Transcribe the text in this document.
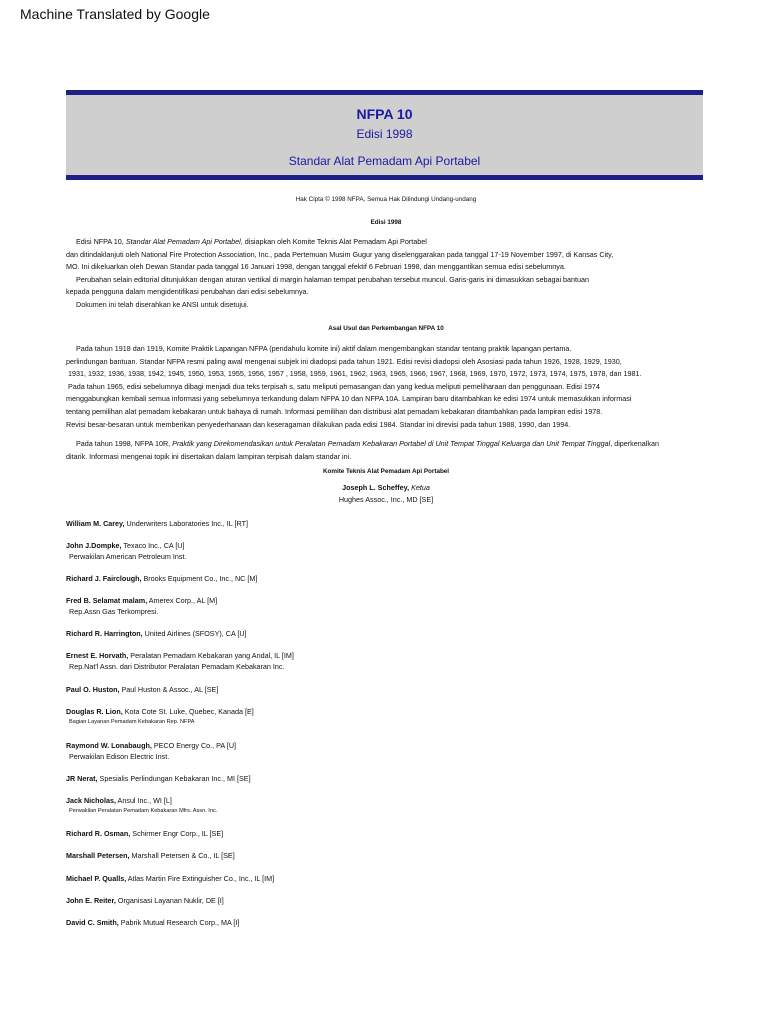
Machine Translated by Google
NFPA 10
Edisi 1998
Standar Alat Pemadam Api Portabel
Hak Cipta © 1998 NFPA, Semua Hak Dilindungi Undang-undang
Edisi 1998

Edisi NFPA 10, Standar Alat Pemadam Api Portabel, disiapkan oleh Komite Teknis Alat Pemadam Api Portabel

dan ditindaklanjuti oleh National Fire Protection Association, Inc., pada Pertemuan Musim Gugur yang diselenggarakan pada tanggal 17-19 November 1997, di Kansas City,

MO. Ini dikeluarkan oleh Dewan Standar pada tanggal 16 Januari 1998, dengan tanggal efektif 6 Februari 1998, dan menggantikan semua edisi sebelumnya.

Perubahan selain editorial ditunjukkan dengan aturan vertikal di margin halaman tempat perubahan tersebut muncul. Garis-garis ini dimasukkan sebagai bantuan

kepada pengguna dalam mengidentifikasi perubahan dari edisi sebelumnya.

Dokumen ini telah diserahkan ke ANSI untuk disetujui.

Asal Usul dan Perkembangan NFPA 10

Pada tahun 1918 dan 1919, Komite Praktik Lapangan NFPA (pendahulu komite ini) aktif dalam mengembangkan standar tentang praktik lapangan pertama.

perlindungan bantuan. Standar NFPA resmi paling awal mengenai subjek ini diadopsi pada tahun 1921. Edisi revisi diadopsi oleh Asosiasi pada tahun 1926, 1928, 1929, 1930,

1931, 1932, 1936, 1938, 1942, 1945, 1950, 1953, 1955, 1956, 1957 , 1958, 1959, 1961, 1962, 1963, 1965, 1966, 1967, 1968, 1969, 1970, 1972, 1973, 1974, 1975, 1978, dan 1981.

Pada tahun 1965, edisi sebelumnya dibagi menjadi dua teks terpisah s, satu meliputi pemasangan dan yang kedua meliputi pemeliharaan dan penggunaan. Edisi 1974

menggabungkan kembali semua informasi yang sebelumnya terkandung dalam NFPA 10 dan NFPA 10A. Lampiran baru ditambahkan ke edisi 1974 untuk memasukkan informasi

tentang pemilihan alat pemadam kebakaran untuk bahaya di rumah. Informasi pemilihan dan distribusi alat pemadam kebakaran ditambahkan pada lampiran edisi 1978.

Revisi besar-besaran untuk memberikan penyederhanaan dan keseragaman dilakukan pada edisi 1984. Standar ini direvisi pada tahun 1988, 1990, dan 1994.

Pada tahun 1998, NFPA 10R, Praktik yang Direkomendasikan untuk Peralatan Pemadam Kebakaran Portabel di Unit Tempat Tinggal Keluarga dan Unit Tempat Tinggal, diperkenalkan

ditarik. Informasi mengenai topik ini disertakan dalam lampiran terpisah dalam standar ini.

Komite Teknis Alat Pemadam Api Portabel
Joseph L. Scheffey, Ketua
Hughes Assoc., Inc., MD [SE]
William M. Carey, Underwriters Laboratories Inc., IL [RT]
John J.Dompke, Texaco Inc., CA [U]
Perwakilan American Petroleum Inst.
Richard J. Fairclough, Brooks Equipment Co., Inc., NC [M]
Fred B. Selamat malam, Amerex Corp., AL [M]
Rep.Assn Gas Terkompresi.
Richard R. Harrington, United Airlines (SFOSY), CA [U]
Ernest E. Horvath, Peralatan Pemadam Kebakaran yang Andal, IL [IM]
Rep.Nat'l Assn. dari Distributor Peralatan Pemadam Kebakaran Inc.
Paul O. Huston, Paul Huston & Assoc., AL [SE]
Douglas R. Lion, Kota Cote St. Luke, Quebec, Kanada [E]
Bagian Layanan Pemadam Kebakaran Rep. NFPA
Raymond W. Lonabaugh, PECO Energy Co., PA [U]
Perwakilan Edison Electric Inst.
JR Nerat, Spesialis Perlindungan Kebakaran Inc., MI [SE]
Jack Nicholas, Ansul Inc., WI [L]
Perwakilan Peralatan Pemadam Kebakaran Mfrs. Assn. Inc.
Richard R. Osman, Schirmer Engr Corp., IL [SE]
Marshall Petersen, Marshall Petersen & Co., IL [SE]
Michael P. Qualls, Atlas Martin Fire Extinguisher Co., Inc., IL [IM]
John E. Reiter, Organisasi Layanan Nuklir, DE [I]
David C. Smith, Pabrik Mutual Research Corp., MA [I]
